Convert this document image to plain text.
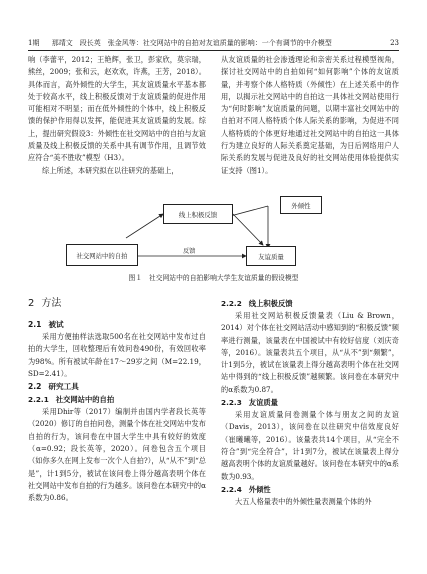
1期 那靖文　段长英　张金风等：社交网站中的自拍对友谊质量的影响：一个有调节的中介模型	23

响（李蕾平，2012；王艳辉，张卫，彭家欣，莫宗瑞，熊丝，2009；张和云，赵欢欢，许燕，王芳，2018）。具体而言，高外倾性的大学生，其友谊质量水平基本都处于较高水平，线上积极反馈对于友谊质量的促进作用可能相对不明显；而在低外倾性的个体中，线上积极反馈的保护作用得以发挥，能促进其友谊质量的发展。综上，提出研究假设3：外倾性在社交网站中的自拍与友谊质量及线上积极反馈的关系中具有调节作用，且调节效应符合“美不胜收”模型（H3）。

综上所述，本研究拟在以往研究的基础上，

从友谊质量的社会渗透理论和亲密关系过程模型视角，探讨社交网站中的自拍如何“如何影响”个体的友谊质量，并考察个体人格特质（外倾性）在上述关系中的作用，以揭示社交网站中的自拍这一具体社交网站使用行为“何时影响”友谊质量的问题，以期丰富社交网站中的自拍对不同人格特质个体人际关系的影响，为促进不同人格特质的个体更好地通过社交网站中的自拍这一具体行为建立良好的人际关系奠定基础，为日后网络用户人际关系的发展与促进及良好的社交网站使用体验提供实证支持（图1）。

社交网站中的自拍
线上积极反馈
友谊质量
外倾性
反馈
图１　社交网站中的自拍影响大学生友谊质量的假设模型
2 方法
2.1 被试

采用方便抽样法选取500名在社交网站中发布过自拍的大学生，回收整理后有效问卷490份，有效回收率为98%。所有被试年龄在17～29岁之间（M=22.19，SD=2.41）。

2.2 研究工具
2.2.1 社交网站中的自拍

采用Dhir等（2017）编制并由国内学者段长英等（2020）修订的自拍问卷，测量个体在社交网站中发布自拍的行为，该问卷在中国大学生中具有较好的效度（α=0.92；段长英等，2020）。问卷包含五个项目（如你多久在网上发布一次个人自拍?），从“从不”到“总是”，计1到5分，被试在该问卷上得分越高表明个体在社交网站中发布自拍的行为越多。该问卷在本研究中的α系数为0.86。

2.2.2 线上积极反馈

采用社交网站积极反馈量表（Liu & Brown，2014）对个体在社交网站活动中感知到的“积极反馈”频率进行测量，该量表在中国被试中有较好信度（刘庆奇等，2016）。该量表共五个项目，从“从不”到“频繁”，计1到5分，被试在该量表上得分越高表明个体在社交网站中得到的“线上积极反馈”越频繁。该问卷在本研究中的α系数为0.87。

2.2.3 友谊质量

采用友谊质量问卷测量个体与朋友之间的友谊（Davis，2013），该问卷在以往研究中信效度良好（崔曦曦等，2016）。该量表共14个项目，从“完全不符合”到“完全符合”，计1到7分，被试在该量表上得分越高表明个体的友谊质量越好。该问卷在本研究中的α系数为0.93。

2.2.4 外倾性

大五人格量表中的外倾性量表测量个体的外
